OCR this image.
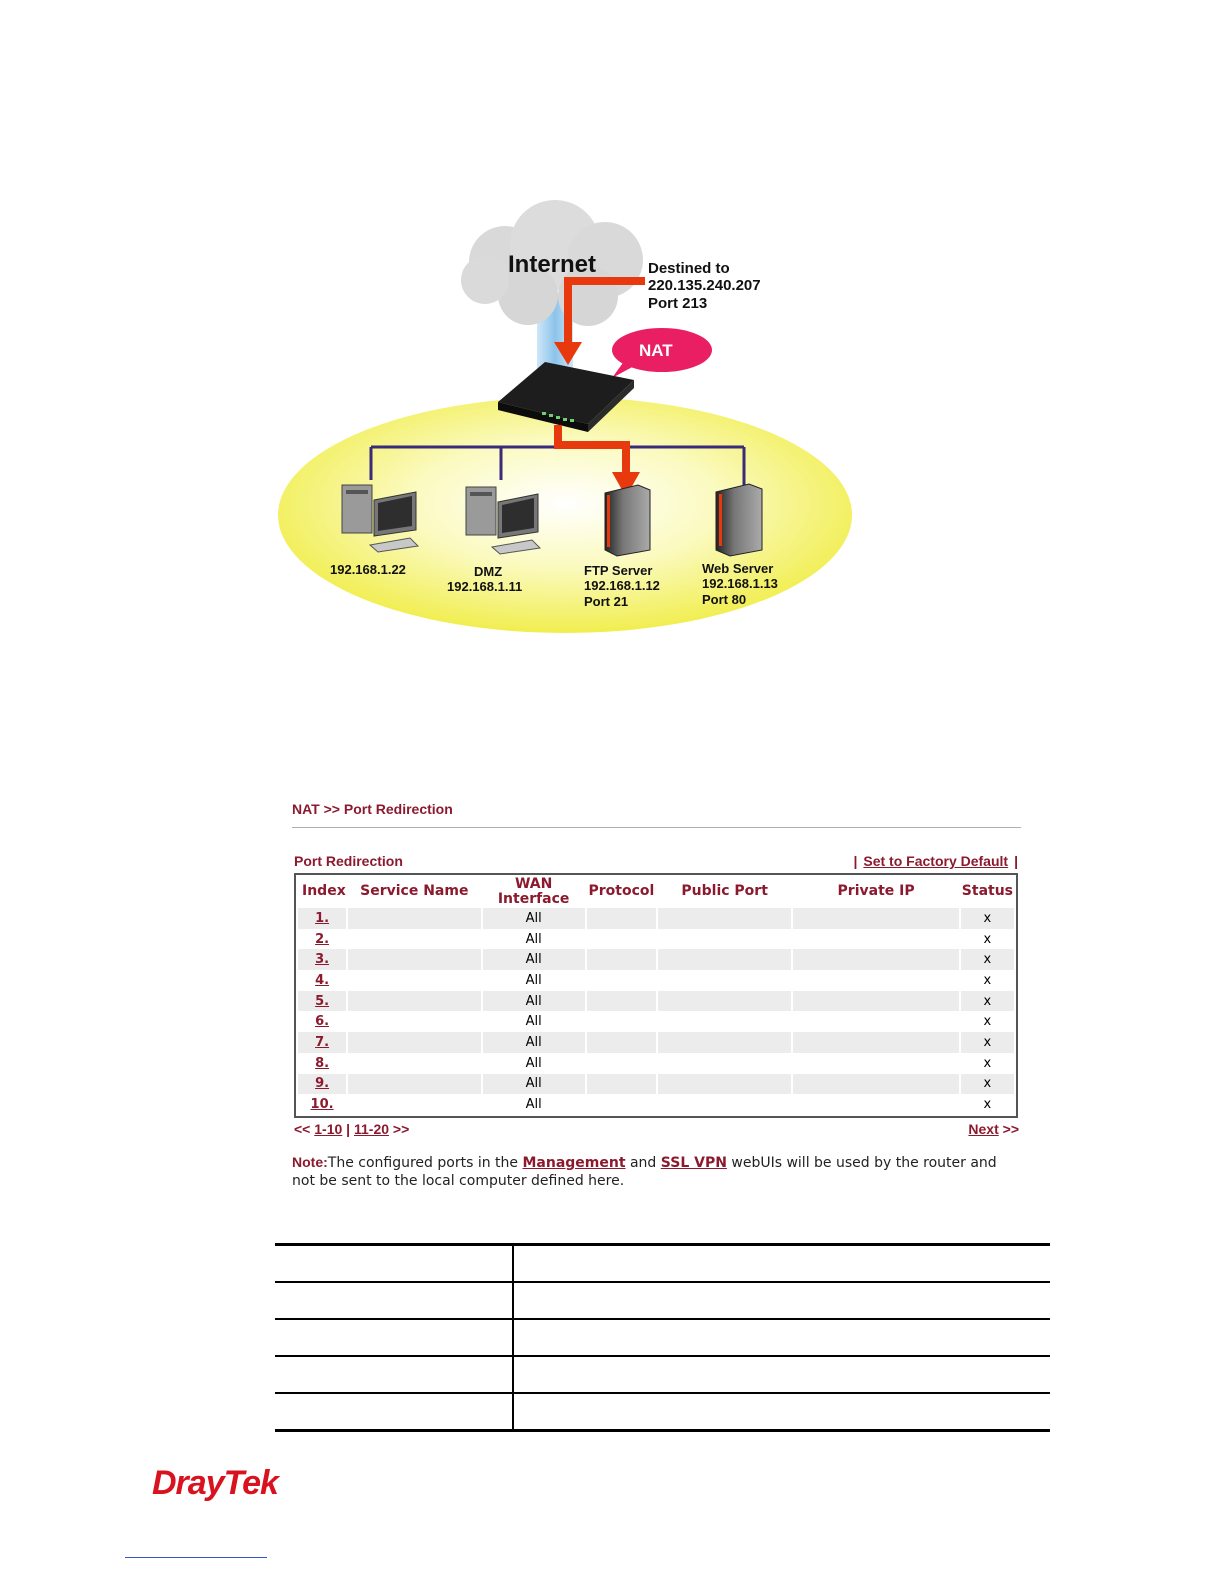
Internet	Destined to
220.135.240.207
Port 213
NAT
192.168.1.22	DMZ
192.168.1.11
FTP Server
192.168.1.12
Port 21
Web Server
192.168.1.13
Port 80
NAT >> Port Redirection
Port Redirection	| Set to Factory Default |
Index	Service Name	WAN
Interface	Protocol	Public Port	Private IP	Status
1.		All				x
2.		All				x
3.		All				x
4.		All				x
5.		All				x
6.		All				x
7.		All				x
8.		All				x
9.		All				x
10.		All				x
<< 1-10 | 11-20 >>	Next >>
Note:The configured ports in the Management and SSL VPN webUIs will be used by the router and not be sent to the local computer defined here.

DrayTek
